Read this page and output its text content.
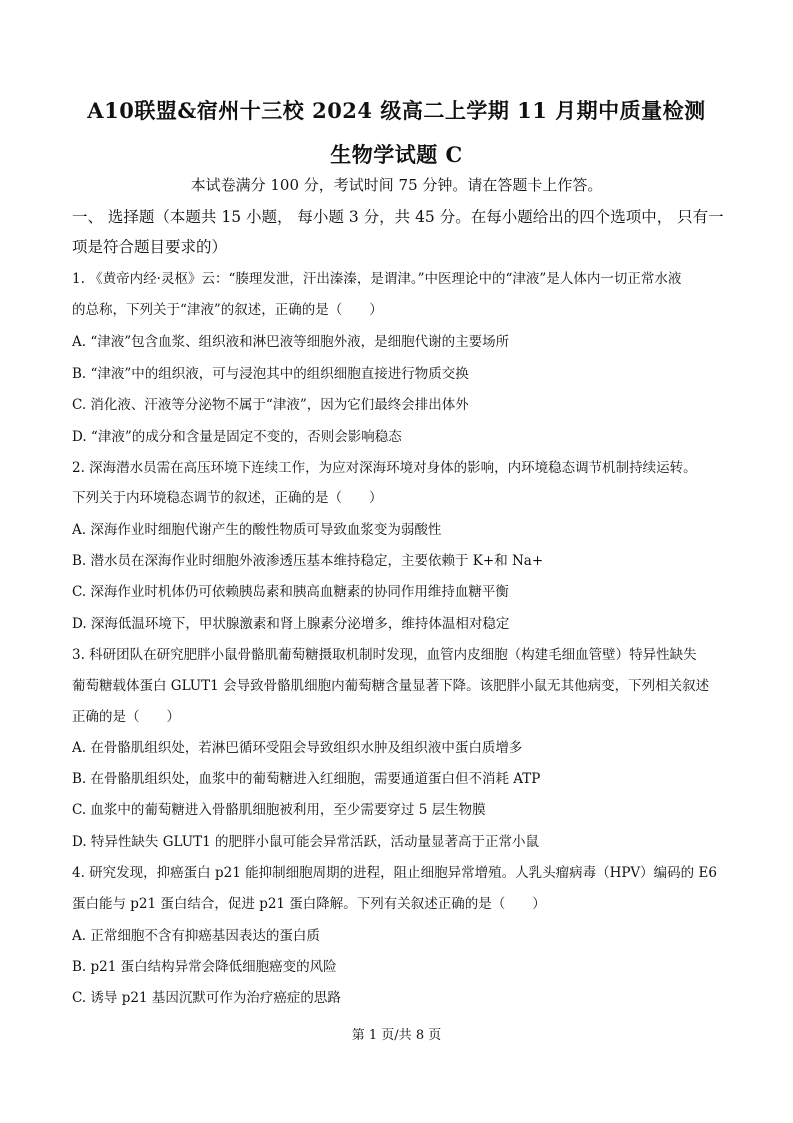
A10联盟&宿州十三校 2024 级高二上学期 11 月期中质量检测
生物学试题 C
本试卷满分 100 分，考试时间 75 分钟。请在答题卡上作答。
一、 选择题（本题共 15 小题， 每小题 3 分，共 45 分。在每小题给出的四个选项中， 只有一
项是符合题目要求的）
1. 《黄帝内经·灵枢》云：“腠理发泄，汗出溱溱，是谓津。”中医理论中的“津液”是人体内一切正常水液
的总称，下列关于“津液”的叙述，正确的是（　　）
A. “津液”包含血浆、组织液和淋巴液等细胞外液，是细胞代谢的主要场所
B. “津液”中的组织液，可与浸泡其中的组织细胞直接进行物质交换
C. 消化液、汗液等分泌物不属于“津液”，因为它们最终会排出体外
D. “津液”的成分和含量是固定不变的，否则会影响稳态
2. 深海潜水员需在高压环境下连续工作，为应对深海环境对身体的影响，内环境稳态调节机制持续运转。
下列关于内环境稳态调节的叙述，正确的是（　　）
A. 深海作业时细胞代谢产生的酸性物质可导致血浆变为弱酸性
B. 潜水员在深海作业时细胞外液渗透压基本维持稳定，主要依赖于 K+和 Na+
C. 深海作业时机体仍可依赖胰岛素和胰高血糖素的协同作用维持血糖平衡
D. 深海低温环境下，甲状腺激素和肾上腺素分泌增多，维持体温相对稳定
3. 科研团队在研究肥胖小鼠骨骼肌葡萄糖摄取机制时发现，血管内皮细胞（构建毛细血管壁）特异性缺失
葡萄糖载体蛋白 GLUT1 会导致骨骼肌细胞内葡萄糖含量显著下降。该肥胖小鼠无其他病变，下列相关叙述
正确的是（　　）
A. 在骨骼肌组织处，若淋巴循环受阻会导致组织水肿及组织液中蛋白质增多
B. 在骨骼肌组织处，血浆中的葡萄糖进入红细胞，需要通道蛋白但不消耗 ATP
C. 血浆中的葡萄糖进入骨骼肌细胞被利用，至少需要穿过 5 层生物膜
D. 特异性缺失 GLUT1 的肥胖小鼠可能会异常活跃，活动量显著高于正常小鼠
4. 研究发现，抑癌蛋白 p21 能抑制细胞周期的进程，阻止细胞异常增殖。人乳头瘤病毒（HPV）编码的 E6
蛋白能与 p21 蛋白结合，促进 p21 蛋白降解。下列有关叙述正确的是（　　）
A. 正常细胞不含有抑癌基因表达的蛋白质
B. p21 蛋白结构异常会降低细胞癌变的风险
C. 诱导 p21 基因沉默可作为治疗癌症的思路
第 1 页/共 8 页
